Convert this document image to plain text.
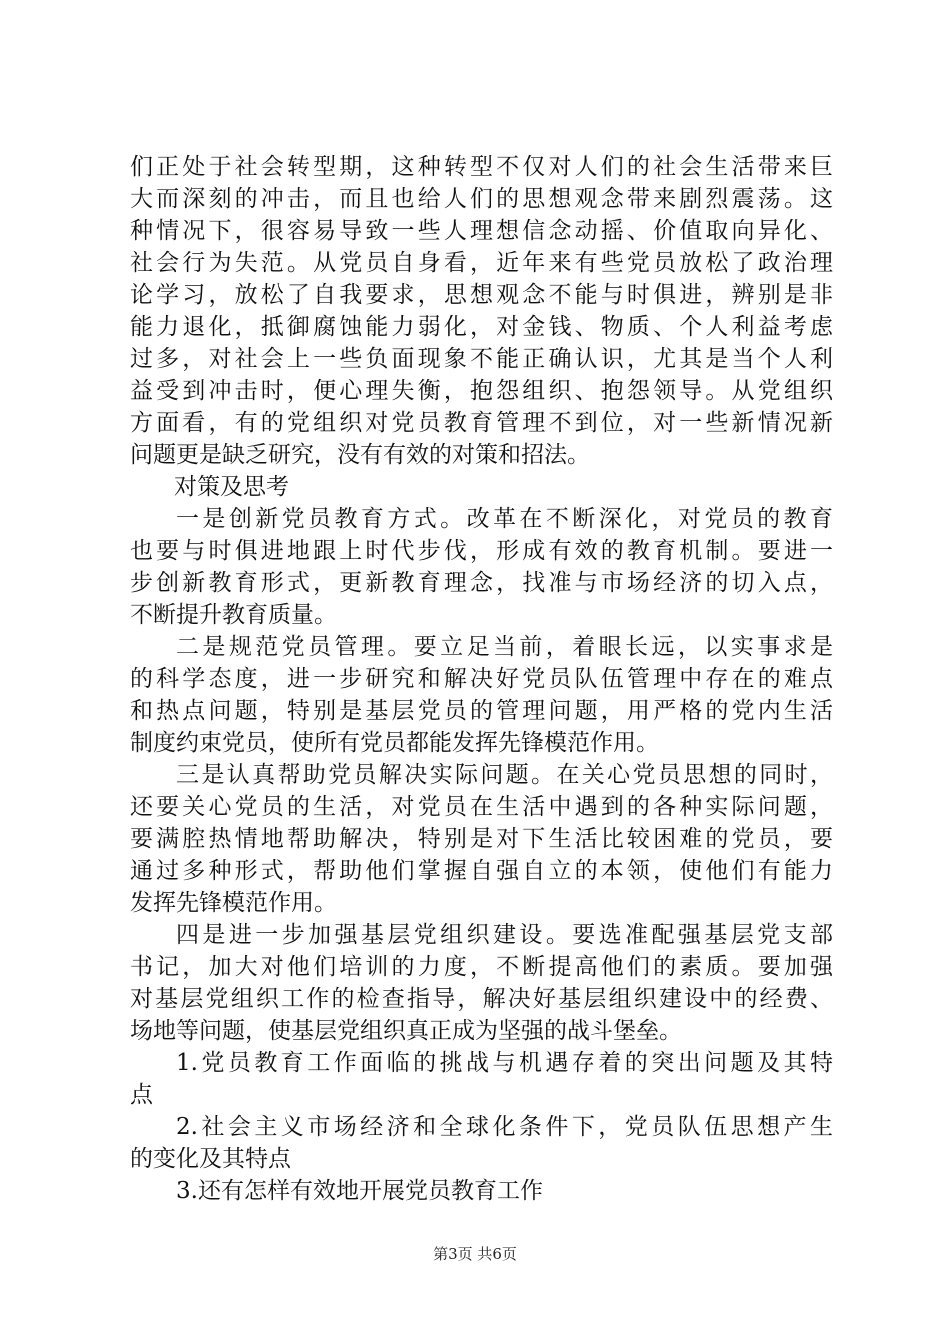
们正处于社会转型期，这种转型不仅对人们的社会生活带来巨
大而深刻的冲击，而且也给人们的思想观念带来剧烈震荡。这
种情况下，很容易导致一些人理想信念动摇、价值取向异化、
社会行为失范。从党员自身看，近年来有些党员放松了政治理
论学习，放松了自我要求，思想观念不能与时俱进，辨别是非
能力退化，抵御腐蚀能力弱化，对金钱、物质、个人利益考虑
过多，对社会上一些负面现象不能正确认识，尤其是当个人利
益受到冲击时，便心理失衡，抱怨组织、抱怨领导。从党组织
方面看，有的党组织对党员教育管理不到位，对一些新情况新
问题更是缺乏研究，没有有效的对策和招法。
对策及思考
一是创新党员教育方式。改革在不断深化，对党员的教育
也要与时俱进地跟上时代步伐，形成有效的教育机制。要进一
步创新教育形式，更新教育理念，找准与市场经济的切入点，
不断提升教育质量。
二是规范党员管理。要立足当前，着眼长远，以实事求是
的科学态度，进一步研究和解决好党员队伍管理中存在的难点
和热点问题，特别是基层党员的管理问题，用严格的党内生活
制度约束党员，使所有党员都能发挥先锋模范作用。
三是认真帮助党员解决实际问题。在关心党员思想的同时，
还要关心党员的生活，对党员在生活中遇到的各种实际问题，
要满腔热情地帮助解决，特别是对下生活比较困难的党员，要
通过多种形式，帮助他们掌握自强自立的本领，使他们有能力
发挥先锋模范作用。
四是进一步加强基层党组织建设。要选准配强基层党支部
书记，加大对他们培训的力度，不断提高他们的素质。要加强
对基层党组织工作的检查指导，解决好基层组织建设中的经费、
场地等问题，使基层党组织真正成为坚强的战斗堡垒。
1.党员教育工作面临的挑战与机遇存着的突出问题及其特
点
2.社会主义市场经济和全球化条件下，党员队伍思想产生
的变化及其特点
3.还有怎样有效地开展党员教育工作
第3页 共6页
